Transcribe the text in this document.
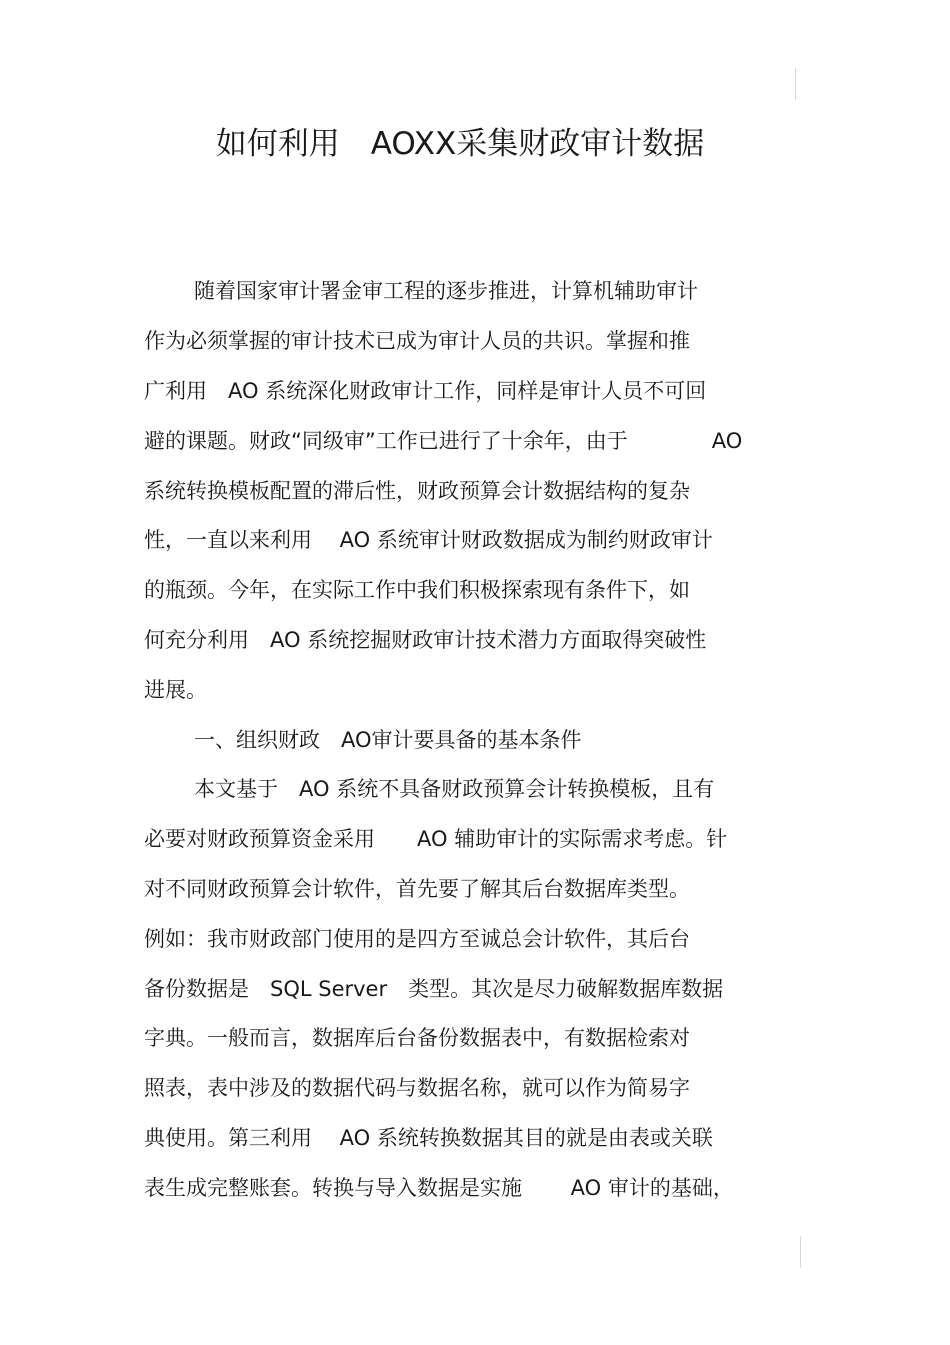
如何利用　AOXX采集财政审计数据
随着国家审计署金审工程的逐步推进，计算机辅助审计
作为必须掌握的审计技术已成为审计人员的共识。掌握和推
广利用　AO 系统深化财政审计工作，同样是审计人员不可回
避的课题。财政“同级审”工作已进行了十余年，由于　　　　AO
系统转换模板配置的滞后性，财政预算会计数据结构的复杂
性，一直以来利用　 AO 系统审计财政数据成为制约财政审计
的瓶颈。今年，在实际工作中我们积极探索现有条件下，如
何充分利用　AO 系统挖掘财政审计技术潜力方面取得突破性
进展。
一、组织财政　AO审计要具备的基本条件
本文基于　AO 系统不具备财政预算会计转换模板，且有
必要对财政预算资金采用　　AO 辅助审计的实际需求考虑。针
对不同财政预算会计软件，首先要了解其后台数据库类型。
例如：我市财政部门使用的是四方至诚总会计软件，其后台
备份数据是　SQL Server　类型。其次是尽力破解数据库数据
字典。一般而言，数据库后台备份数据表中，有数据检索对
照表，表中涉及的数据代码与数据名称，就可以作为简易字
典使用。第三利用　 AO 系统转换数据其目的就是由表或关联
表生成完整账套。转换与导入数据是实施　　 AO 审计的基础，
